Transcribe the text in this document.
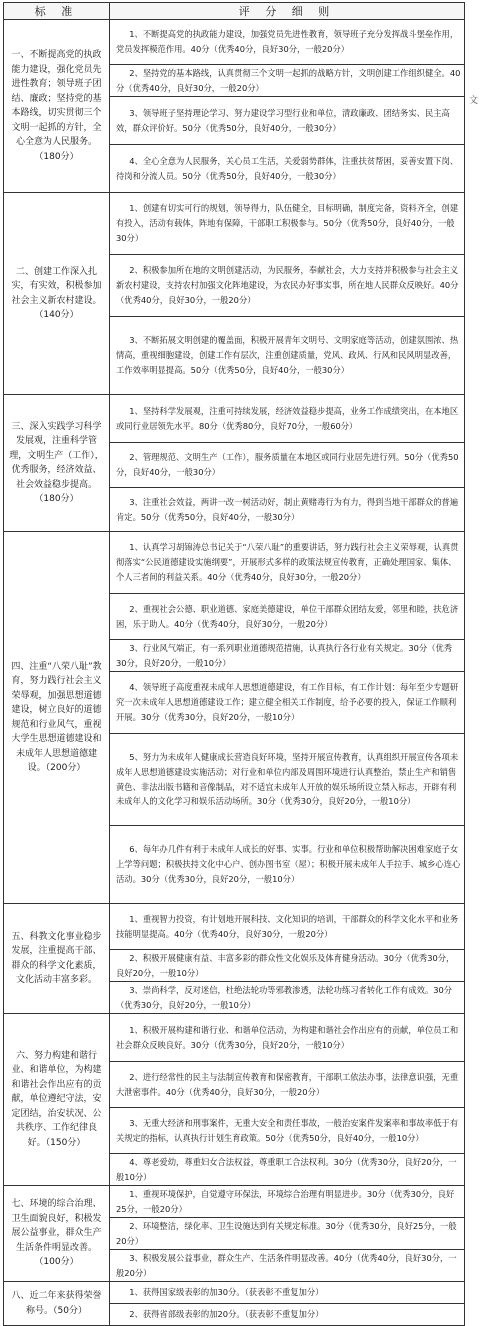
标 准	评 分 细 则
一、不断提高党的执政能力建设，强化党员先进性教育；领导班子团结、廉政；坚持党的基本路线，切实贯彻三个文明一起抓的方针，全心全意为人民服务。（180分）	1、不断提高党的执政能力建设，加强党员先进性教育，领导班子充分发挥战斗堡垒作用，党员发挥模范作用。40分（优秀40分，良好30分，一般20分）
	2、坚持党的基本路线，认真贯彻三个文明一起抓的战略方针，文明创建工作组织健全。40分（优秀40分，良好30分，一般20分）
	3、领导班子坚持理论学习、努力建设学习型行业和单位，清政廉政、团结务实、民主高效，群众评价好。50分（优秀50分，良好40分，一般30分）
	4、全心全意为人民服务，关心员工生活，关爱弱势群体，注重扶贫帮困，妥善安置下岗、待岗和分流人员。50分（优秀50分，良好40分，一般30分）
二、创建工作深入扎实，有实效，积极参加社会主义新农村建设。（140分）	1、创建有切实可行的规划，领导得力，队伍健全，目标明确，制度完备，资料齐全，创建有投入，活动有载体，阵地有保障，干部职工积极参与。50分（优秀50分，良好40分，一般30分）
	2、积极参加所在地的文明创建活动，为民服务，奉献社会，大力支持并积极参与社会主义新农村建设，支持农村加强文化阵地建设，为农民办好事实事，所在地人民群众反映好。40分（优秀40分，良好30分，一般20分）
	3、不断拓展文明创建的覆盖面，积极开展青年文明号、文明家庭等活动，创建氛围浓、热情高，重视细胞建设，创建工作有层次，注重创建质量，党风、政风、行风和民风明显改善，工作效率明显提高。50分（优秀50分，良好40分，一般30分）
三、深入实践学习科学发展观，注重科学管理，文明生产（工作），优秀服务，经济效益、社会效益稳步提高。（180分）	1、坚持科学发展观，注重可持续发展，经济效益稳步提高，业务工作成绩突出，在本地区或同行业居领先水平。80分（优秀80分，良好70分，一般60分）
	2、管理规范、文明生产（工作），服务质量在本地区或同行业居先进行列。50分（优秀50分，良好40分，一般30分）
	3、注重社会效益，两讲一改一树活动好，制止黄赌毒行为有力，得到当地干部群众的普遍肯定。50分（优秀50分，良好40分，一般30分）
四、注重“八荣八耻”教育，努力践行社会主义荣辱观，加强思想道德建设，树立良好的道德规范和行业风气，重视大学生思想道德建设和未成年人思想道德建设。（200分）	1、认真学习胡锦涛总书记关于“八荣八耻”的重要讲话，努力践行社会主义荣辱观，认真贯彻落实“公民道德建设实施纲要”，开展形式多样的政策法规宣传教育，正确处理国家、集体、个人三者间的利益关系。40分（优秀40分，良好30分，一般20分）
	2、重视社会公德、职业道德、家庭美德建设，单位干部群众团结友爱，邻里和睦，扶危济困，乐于助人。40分（优秀40分，良好30分，一般20分）
	3、行业风气端正，有一系列职业道德规范措施，认真执行各行业有关规定。30分（优秀30分，良好20分，一般10分）
	4、领导班子高度重视未成年人思想道德建设，有工作目标，有工作计划：每年至少专题研究一次未成年人思想道德建设工作；建立健全相关工作制度，给予必要的投入，保证工作顺利开展。30分（优秀30分，良好20分，一般10分）
	5、努力为未成年人健康成长营造良好环境，坚持开展宣传教育，认真组织开展宣传各项未成年人思想道德建设实施活动；对行业和单位内部及周围环境进行认真整治，禁止生产和销售黄色、非法出版书籍和音像制品，对不适宜未成年人开放的娱乐场所设立禁入标志，开辟有利未成年人的文化学习和娱乐活动场所。30分（优秀30分，良好20分，一般10分）
	6、每年办几件有利于未成年人成长的好事、实事。行业和单位积极帮助解决困难家庭子女上学等问题；积极扶持文化中心户、创办图书室（屋）；积极开展未成年人手拉手、城乡心连心活动。30分（优秀30分，良好20分，一般10分）
五、科教文化事业稳步发展，注重提高干部、群众的科学文化素质，文化活动丰富多彩。	1、重视智力投资，有计划地开展科技、文化知识的培训，干部群众的科学文化水平和业务技能明显提高。40分（优秀40分，良好30分，一般20分）
	2、积极开展健康有益、丰富多彩的群众性文化娱乐及体育健身活动。30分（优秀30分，良好20分，一般10分）
	3、崇尚科学，反对迷信，杜绝法轮功等邪教渗透，法轮功练习者转化工作有成效。30分（优秀30分，良好20分，一般10分）
六、努力构建和谐行业、和谐单位，为构建和谐社会作出应有的贡献，单位遵纪守法，安定团结，治安状况、公共秩序、工作纪律良好。（150分）	1、积极开展构建和谐行业、和谐单位活动，为构建和谐社会作出应有的贡献，单位员工和社会群众反映良好。30分（优秀30分，良好20分，一般10分）
	2、进行经常性的民主与法制宣传教育和保密教育，干部职工依法办事，法律意识强，无重大泄密事件。40分（优秀40分，良好30分，一般20分）
	3、无重大经济和刑事案件，无重大安全和责任事故，一般治安案件发案率和事故率低于有关规定的指标，认真执行计划生育政策。50分（优秀50分，良好40分，一般10分）
	4、尊老爱幼，尊重妇女合法权益，尊重职工合法权利。30分（优秀30分，良好20分，一般10分）
七、环境的综合治理、卫生面貌良好，积极发展公益事业，群众生产生活条件明显改善。（100分）	1、重视环境保护，自觉遵守环保法，环境综合治理有明显进步。30分（优秀30分，良好25分，一般20分）
	2、环境整洁，绿化率、卫生设施达到有关规定标准。30分（优秀30分，良好25分，一般20分）
	3、积极发展公益事业，群众生产、生活条件明显改善。40分（优秀40分，良好30分，一般20分）
八、近二年来获得荣誉称号。（50分）	1、获得国家级表彰的加30分。（获表彰不重复加分）
	2、获得省部级表彰的加20分。（获表彰不重复加分）
文
